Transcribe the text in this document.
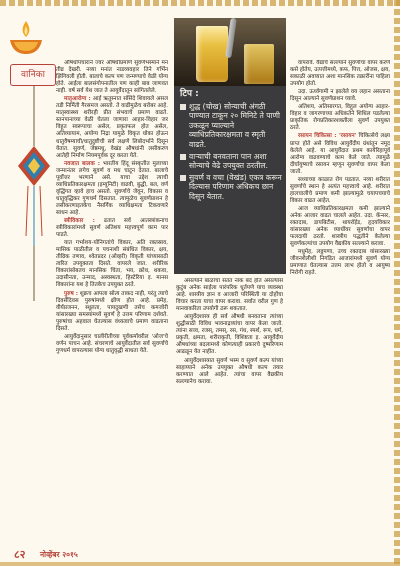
वानिका
टिप :
शुद्ध (चोख) सोन्याची अंगठी पाण्यात टाकून २० मिनिटे ते पाणी उकळून प्याल्याने व्याधिप्रतिकारक्षमता व स्मृती वाढते.
वाऱ्याची बनवताना पान अशा सोन्याचे वेढे उपयुक्त ठरतील.
सुवर्ण व वचा (वेखंड) एकत्र करून दिल्यास परिणाम अधिकच छान दिसून येतात.

औषधोपचाराने ज्वर औषधीप्रमाणे सुवर्णभस्माने मन तीव्र देखरी. नव्या मनांत नाडव्यवहार तिने गर्भिन झिंगिवली होती. बालाचे कल्प पण जन्मण्याचे वेळी योग्य होते. आईला बालसंगोपनातील पण काही बाब जाणवत नाही. वर्ष सर्व येथ जात ते आयुर्वेदातून सांगितलेले.

मातृआरोग्य : आई ऋतुस्नात संसिंदे शिवायले असल तडी निर्मिती गैरसमज असतो. ते वाढीमुळेच बरोबर आहे. मातृस्वास्थ्य शरीरही प्रीत संभवाचे प्रमाण वाढते. स्तनपानाच्या वेळी घेतला जाणारा आहार-विहार जर विहूत स्वरूपाचा असेल, प्रकृतफल होत असेल, अतिव्यायाम, अयोग्य निद्रा यामुळे विकृत धोका होऊन धातुवैषम्याची/धातुदुष्टीची सर्व लक्षणे लिबोदर्भाने दिसून येतात. सुवर्ण, जेष्ठमधु, वेखंड औषधांनी लसीकरण आतेही निर्माण नियमपूर्वक दूर करता येते.

नवजात बालक : भारतीय हिंदू संस्कृतीत मुलाच्या जन्मानंतर लगेच सुवर्ण व मध चाटून देतात. बालाचे पूर्वोत्तर भरणाने असे. याचा उद्देश त्याची व्याधिप्रतिकारक्षमता (इम्युनिटी) वाढवी, बुद्धी, बल, वर्ण वृद्धिंगत व्हावे हाच असतो. सुवर्णाचे जेवून, विकास व धातुवृद्धिकर गुणधर्म दिसतात. त्यामुळेच सुवर्णप्राशन हे लसीकरणाइतकेच नैसर्गिक व्याधिक्षमता टिकवणारे साधन आहे.

स्त्रीविकार : ढतात सर्व आतस्त्रांकनाच स्त्रीविकारांमध्ये सुवर्ण अतिशय महत्त्वपूर्ण काम पार पाडते.

यात गर्भाशय-योनिगतांचे विकार, अति रक्तस्राव, मासिक पाळीतील व पचनाशी संबंधित विकार, क्षय, तीव्रिक तणाव, श्वेतप्रदर (ओव्हरी) विकृती यांच्यासाठी त्वरित उपयुक्तता दिसते. वापरले जात. शरीरिक विकारांसोबतच मानसिक चिंता, भय, क्रोध, थकवा, उदासीनता, उन्माद, अस्वस्थता, हिस्टेरिया इ. मानस विकारांना यश हे तितकेच उपयुक्त ठरते.

पुरुष : शुक्रच आपला स्रोत्य ताकद नाही, परंतु त्याचे दिवसेंदिवस पुरुषांमध्ये क्षीण होत आहे. प्रमेह, वीर्यप्रजनन, स्थूलता, पायदुखणी तसेच कमजोरी यांसारख्या समस्यांमध्ये सुवर्ण हे उत्तम परिणाम दर्शवते. पुरुषांचा अहवाल घेतल्यास वंध्यत्वाचे प्रमाण वाढताना दिसते.

आयुर्वेदानुसार चालीरीतीच्या पूर्वकर्मावरील 'ओज'चे वर्णन पाचन आहे. संचरणाचे आयुर्वेदातील सर्व सुवर्णाचे गुणधर्म वापरल्यास योग्य धातुवृद्धी साधता येते.

असल्याने बाळाचा सतत नाक बंद होत असल्यास कुटुंब अनेक साईला पारंपरिक धूर्तपणे याच व्यवस्था आहे. शास्त्रीय ज्ञान व आजारी परिस्थिती या दोहोंचा विचार करता याचा वापर करावा. सर्वात वरील गुण हे मानवाकरिता उपयोगी ठरू शकतात.

आयुर्वेदशास्त्र ही सर्व औषधी बनवताना त्यांच्या शुद्धीसाठी विविध भावनाद्रव्यांचा वापर केला जातो. त्यांना सत्त्व, रजस्, तमस्, रस, गंध, स्पर्श, रूप, धर्म, प्रकृती, क्षमता, शरीराकृती, विशिष्टता इ. आयुर्वेदीय औषधांच्या बदलामध्ये कोणत्याही प्रकारचे दुष्परिणाम आढळून येत नाहीत.

आयुर्वेदशास्त्रात सुवर्ण भस्म व सुवर्ण कल्प यांच्या साहाय्याने अनेक उपयुक्त औषधी कल्प तयार करण्यात आले आहेत. त्यांचा वापर वैद्यकीय सल्ल्यानेच करावा.

वापरावे. वैद्यांचे सल्ल्याने सुवर्णाचा वापर करणे कसे होतेय, उत्पत्तीमध्ये, कफ, पित्त, ओजस, क्षय, सकाळी अवघ्यात अशा मानसिक तक्रारींना पाहिला उपयोग होतो.

उदा. ऊर्ध्वगामी न झालेले वय लहान असताना दिसून आल्याने सुवर्णप्राशन घ्यावे.

अतिशय, अतिसारगत, विहुल अयोग्य आहार-विहार व जागरणाच्या अधिकतेने शिथिल पडलेल्या प्राकृतिक रोगप्रतिकारशक्तीला सुवर्ण उपयुक्त ठरते.

रसायन चिकित्सा : 'रसायन' चिकित्सेचे लक्ष्य प्राप्त होते असे विविध आयुर्वेदीय ग्रंथांतून नमूद केलेले आहे. या आयुर्वेदात प्रथम कायेरिहापूर्व आरोग्य वाढवण्याचे काम केले जाते. त्यामुळे दीर्घायुष्याचे रसायन म्हणून सुवर्णाचा वापर केला जातो.

सध्याच्या काळात रोग पडतात. नव्या शरीरात सुवर्णाचे स्थान हे अत्यंत महत्त्वाचे आहे. शरीरात हालचालीचे प्रमाण कमी झाल्यामुळे चयापचयाचे विकार वाढत आहेत.

आज व्याधिप्रतिकारक्षमता कमी झाल्याने अनेक आजार वाढत चालले आहेत. उदा. कॅन्सर, रक्तदाब, डायबिटीस, थायरॉईड, हृदयविकार यांसारख्या अनेक व्याधींवर सुवर्णाचा वापर फलदायी ठरतो. शास्त्रीय पद्धतीने केलेल्या सुवर्णकल्पांचा उपयोग वैद्यकीय सल्ल्याने करावा.

मधुमेह, लठ्ठपणा, उच्च रक्तदाब यांसारख्या जीवनशैलीशी निगडित आजारांमध्ये सुवर्ण योग्य प्रमाणात घेतल्यास उत्तम लाभ होतो व आयुष्य निरोगी राहते.

८२ नोव्हेंबर २०१५
